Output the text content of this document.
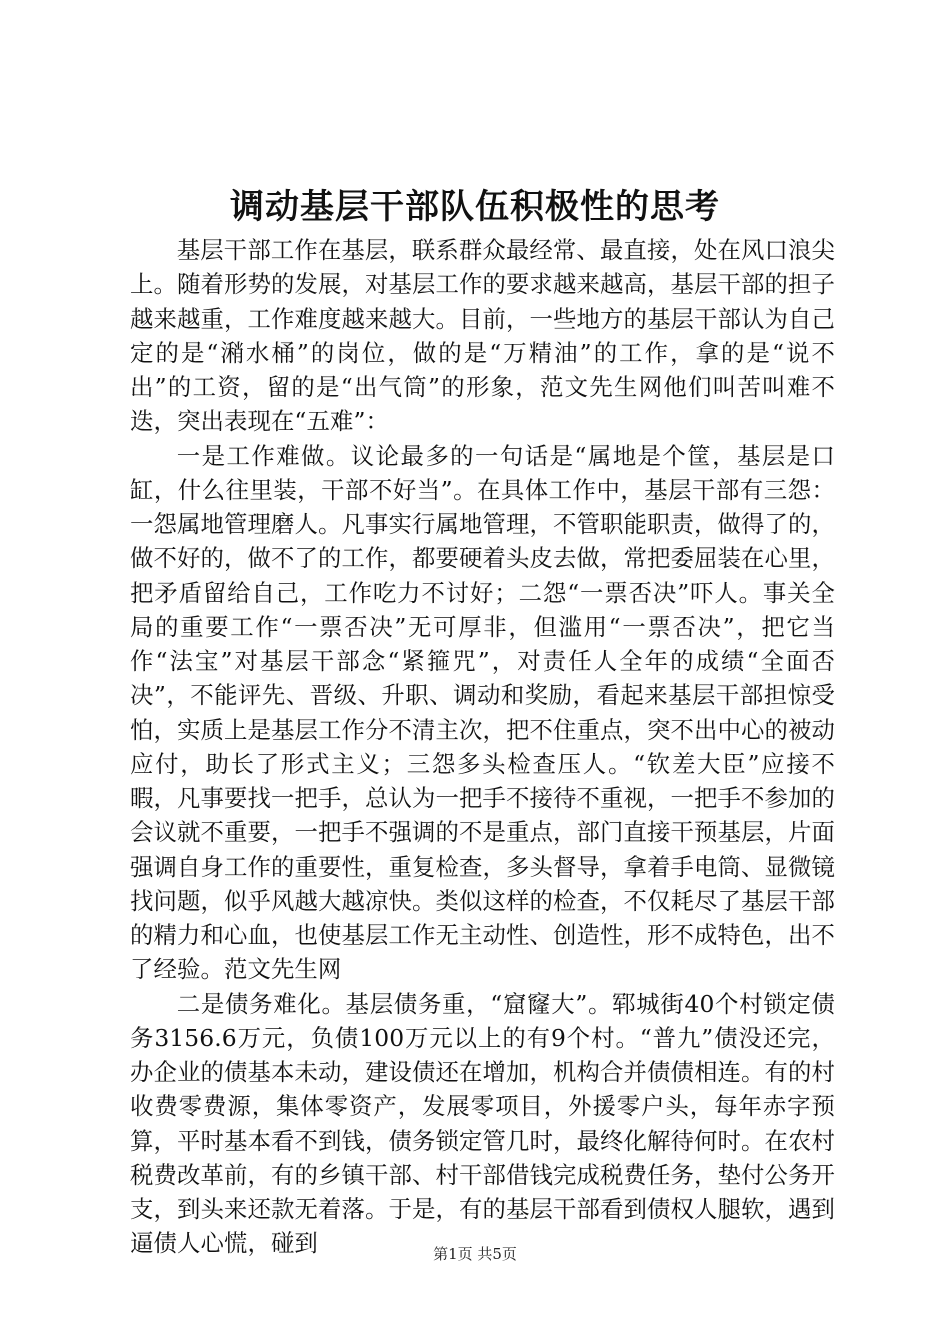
调动基层干部队伍积极性的思考

基层干部工作在基层，联系群众最经常、最直接，处在风口浪尖上。随着形势的发展，对基层工作的要求越来越高，基层干部的担子越来越重，工作难度越来越大。目前，一些地方的基层干部认为自己定的是“潲水桶”的岗位，做的是“万精油”的工作，拿的是“说不出”的工资，留的是“出气筒”的形象，范文先生网他们叫苦叫难不迭，突出表现在“五难”：

一是工作难做。议论最多的一句话是“属地是个筐，基层是口缸，什么往里装，干部不好当”。在具体工作中，基层干部有三怨：一怨属地管理磨人。凡事实行属地管理，不管职能职责，做得了的，做不好的，做不了的工作，都要硬着头皮去做，常把委屈装在心里，把矛盾留给自己，工作吃力不讨好；二怨“一票否决”吓人。事关全局的重要工作“一票否决”无可厚非，但滥用“一票否决”，把它当作“法宝”对基层干部念“紧箍咒”，对责任人全年的成绩“全面否决”，不能评先、晋级、升职、调动和奖励，看起来基层干部担惊受怕，实质上是基层工作分不清主次，把不住重点，突不出中心的被动应付，助长了形式主义；三怨多头检查压人。“钦差大臣”应接不暇，凡事要找一把手，总认为一把手不接待不重视，一把手不参加的会议就不重要，一把手不强调的不是重点，部门直接干预基层，片面强调自身工作的重要性，重复检查，多头督导，拿着手电筒、显微镜找问题，似乎风越大越凉快。类似这样的检查，不仅耗尽了基层干部的精力和心血，也使基层工作无主动性、创造性，形不成特色，出不了经验。范文先生网

二是债务难化。基层债务重，“窟窿大”。郓城街40个村锁定债务3156.6万元，负债100万元以上的有9个村。“普九”债没还完，办企业的债基本未动，建设债还在增加，机构合并债债相连。有的村收费零费源，集体零资产，发展零项目，外援零户头，每年赤字预算，平时基本看不到钱，债务锁定管几时，最终化解待何时。在农村税费改革前，有的乡镇干部、村干部借钱完成税费任务，垫付公务开支，到头来还款无着落。于是，有的基层干部看到债权人腿软，遇到逼债人心慌，碰到	第1页 共5页
